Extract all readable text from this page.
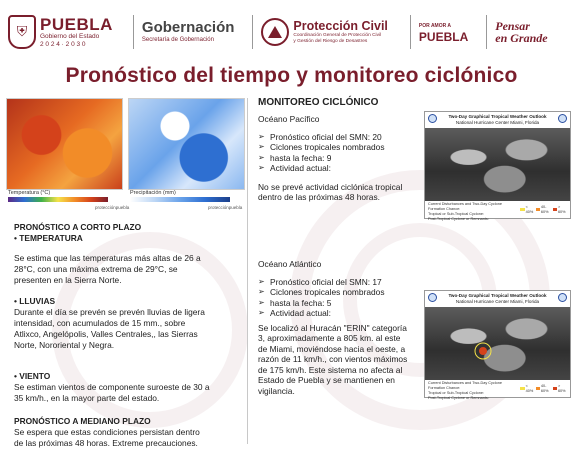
⛨ PUEBLA
Gobierno del Estado
2 0 2 4 · 2 0 3 0
Gobernación
Secretaría de Gobernación
Protección Civil
Coordinación General de Protección Civil
y Gestión del Riesgo de Desastres
POR AMOR A
PUEBLA
Pensar
en Grande
Pronóstico del tiempo y monitoreo ciclónico
Temperatura (°C)	Precipitación (mm)
protecciónpuebla	protecciónpuebla
PRONÓSTICO A CORTO PLAZO
• TEMPERATURA
Se estima que las temperaturas más altas de 26 a
28°C, con una máxima extrema de 29°C, se
presenten en la Sierra Norte.
• LLUVIAS
Durante el día se prevén se prevén lluvias de ligera
intensidad, con acumulados de 15 mm., sobre
Atlixco, Angelópolis, Valles Centrales,, las Sierras
Norte, Nororiental y Negra.
• VIENTO
Se estiman vientos de componente suroeste de 30 a
35 km/h., en la mayor parte del estado.
PRONÓSTICO A MEDIANO PLAZO
Se espera que estas condiciones persistan dentro
de las próximas 48 horas. Extreme precauciones.
MONITOREO CICLÓNICO
Océano Pacífico
➢ Pronóstico oficial del SMN: 20
➢ Ciclones tropicales nombrados
➢ hasta la fecha: 9
➢ Actividad actual:
No se prevé actividad ciclónica tropical
dentro de las próximas 48 horas.
Océano Atlántico
➢ Pronóstico oficial del SMN: 17
➢ Ciclones tropicales nombrados
➢ hasta la fecha: 5
➢ Actividad actual:
Se localizó al Huracán "ERIN" categoría
3, aproximadamente a 805 km. al este
de Miami, moviéndose hacia el oeste, a
razón de 11 km/h., con vientos máximos
de 175 km/h. Este sistema no afecta al
Estado de Puebla y se mantienen en
vigilancia.
Two-Day Graphical Tropical Weather Outlook
National Hurricane Center Miami, Florida
Current Disturbances and Two-Day Cyclone Formation Chance:
Tropical or Sub-Tropical Cyclone:
Post-Tropical Cyclone or Remnants:
< 40%
40-60%
> 60%
Two-Day Graphical Tropical Weather Outlook
National Hurricane Center Miami, Florida
Current Disturbances and Two-Day Cyclone Formation Chance:
Tropical or Sub-Tropical Cyclone:
Post-Tropical Cyclone or Remnants:
< 40%
40-60%
> 60%
